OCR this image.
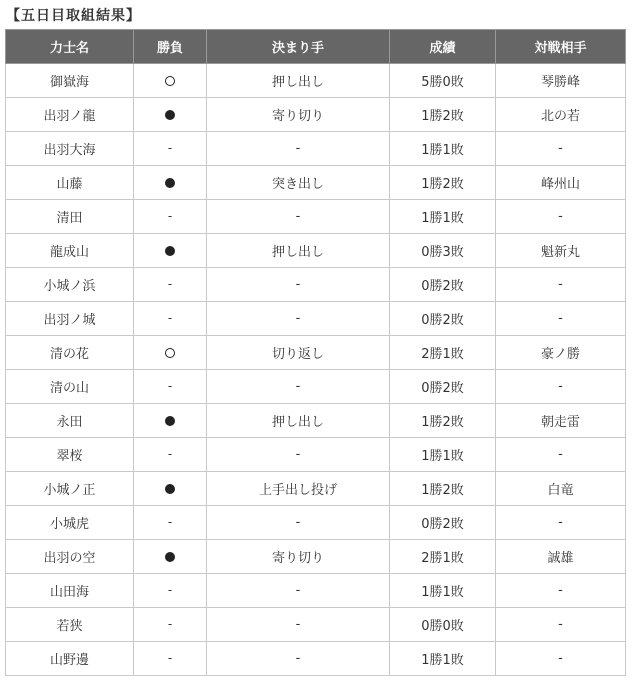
【五日目取組結果】
力士名	勝負	決まり手	成績	対戦相手
御嶽海		押し出し	5勝0敗	琴勝峰
出羽ノ龍		寄り切り	1勝2敗	北の若
出羽大海	-	-	1勝1敗	-
山藤		突き出し	1勝2敗	峰州山
清田	-	-	1勝1敗	-
龍成山		押し出し	0勝3敗	魁新丸
小城ノ浜	-	-	0勝2敗	-
出羽ノ城	-	-	0勝2敗	-
清の花		切り返し	2勝1敗	豪ノ勝
清の山	-	-	0勝2敗	-
永田		押し出し	1勝2敗	朝走雷
翠桜	-	-	1勝1敗	-
小城ノ正		上手出し投げ	1勝2敗	白竜
小城虎	-	-	0勝2敗	-
出羽の空		寄り切り	2勝1敗	誠雄
山田海	-	-	1勝1敗	-
若狭	-	-	0勝0敗	-
山野邊	-	-	1勝1敗	-
